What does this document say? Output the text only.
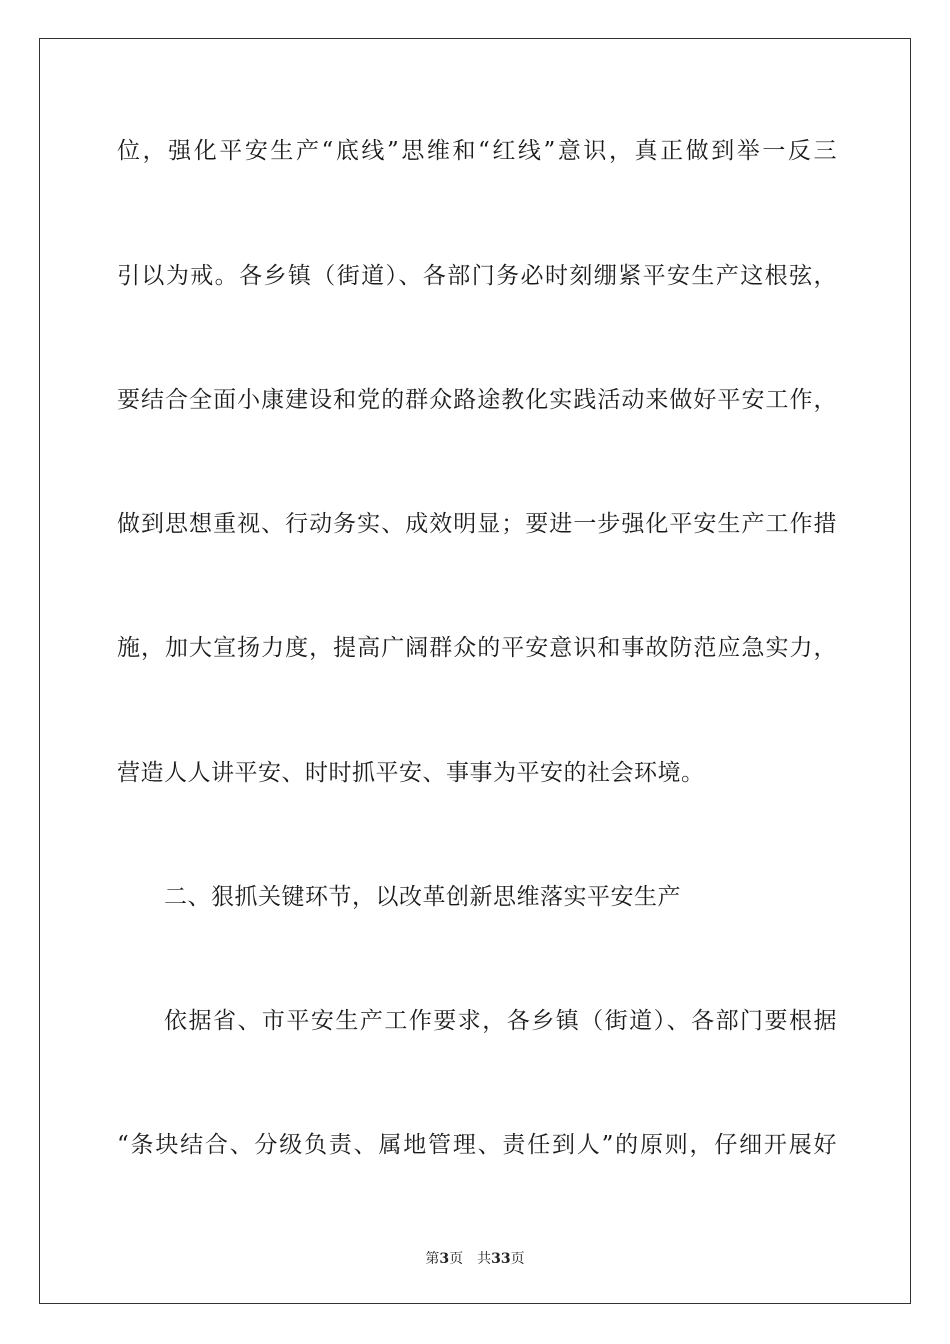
位，强化平安生产“底线”思维和“红线”意识，真正做到举一反三
引以为戒。各乡镇（街道）、各部门务必时刻绷紧平安生产这根弦，
要结合全面小康建设和党的群众路途教化实践活动来做好平安工作，
做到思想重视、行动务实、成效明显；要进一步强化平安生产工作措
施，加大宣扬力度，提高广阔群众的平安意识和事故防范应急实力，
营造人人讲平安、时时抓平安、事事为平安的社会环境。
二、狠抓关键环节，以改革创新思维落实平安生产
依据省、市平安生产工作要求，各乡镇（街道）、各部门要根据
“条块结合、分级负责、属地管理、责任到人”的原则，仔细开展好
第3页　共33页
